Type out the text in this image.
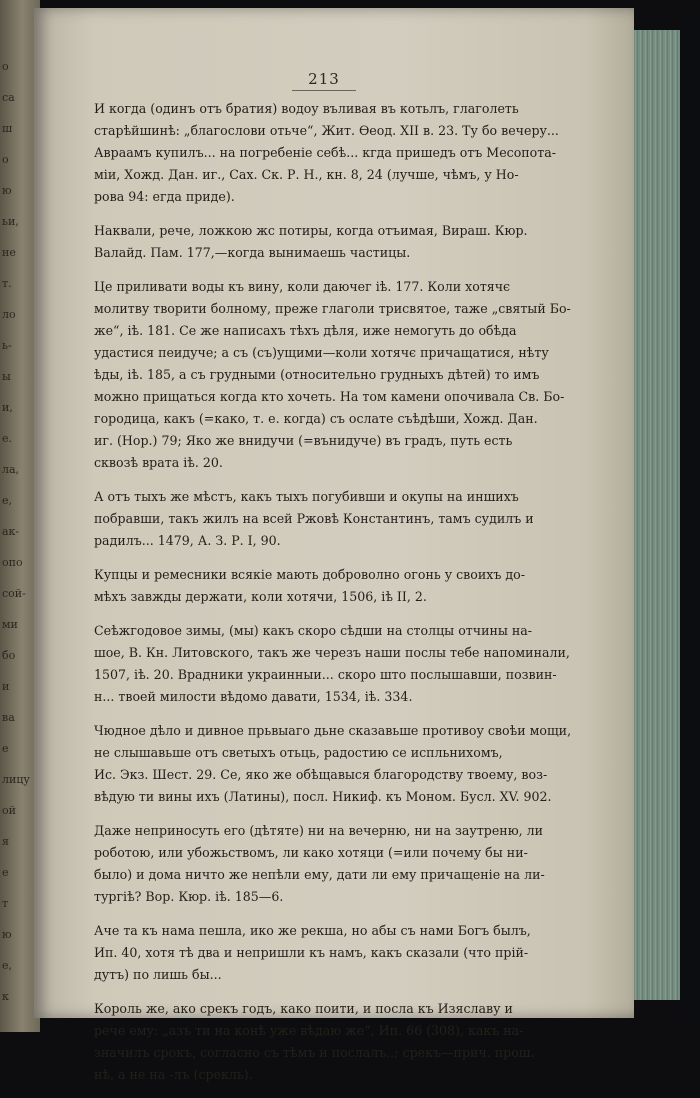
о
са
ш
о
ю
ьи,
не
т.
ло
ь-
ы
и,
е.
ла,
е,
ак-
опо
сой-
ми
бо
и
ва
е
лицу
ой
я
е
т
ю
е,
к
213
И когда (одинъ отъ братия) водоу въливая въ котьлъ, глаголеть
старѣйшинѣ: „благослови отьче“, Жит. Өеод. XII в. 23. Ту бо вечеру...
Авраамъ купилъ... на погребеніе себѣ... кгда пришедъ отъ Месопота-
міи, Хожд. Дан. иг., Сах. Ск. Р. Н., кн. 8, 24 (лучше, чѣмъ, у Но-
рова 94: егда приде).
Наквали, рече, ложкою жс потиры, когда отъимая, Вираш. Кюр.
Валайд. Пам. 177,—когда вынимаешь частицы.
Це приливати воды къ вину, коли даючег iѣ. 177. Коли хотячє
молитву творити болному, преже глаголи трисвятое, таже „святый Бо-
же“, iѣ. 181. Се же написахъ тѣхъ дѣля, иже немогуть до обѣда
удастися пеидуче; а съ (съ)ущими—коли хотячє причащатися, нѣту
ѣды, iѣ. 185, а съ грудными (относительно грудныхъ дѣтей) то имъ
можно прищаться когда кто хочеть. На том камени опочивала Св. Бо-
городица, какъ (=како, т. е. когда) съ ослате съѣдѣши, Хожд. Дан.
иг. (Нор.) 79; Яко же внидучи (=вънидуче) въ градъ, путь есть
сквозѣ врата iѣ. 20.
А отъ тыхъ же мѣстъ, какъ тыхъ погубивши и окупы на иншихъ
побравши, такъ жилъ на всей Ржовѣ Константинъ, тамъ судилъ и
радилъ... 1479, А. З. Р. I, 90.
Купцы и ремесники всякіе мають доброволно огонь у своихъ до-
мѣхъ завжды держати, коли хотячи, 1506, iѣ II, 2.
Сеѣжгодовое зимы, (мы) какъ скоро сѣдши на столцы отчины на-
шое, В. Кн. Литовского, такъ же черезъ наши послы тебе напоминали,
1507, iѣ. 20. Врадники украинныи... скоро што послышавши, позвин-
н... твоей милости вѣдомо давати, 1534, iѣ. 334.
Чюдное дѣло и дивное прьвыаго дьне сказавьше противоу своѣи мощи,
не слышавьше отъ светыхъ отьць, радостию се испльнихомъ,
Ис. Экз. Шест. 29. Се, яко же обѣщавыся благородству твоему, воз-
вѣдую ти вины ихъ (Латины), посл. Никиф. къ Моном. Бусл. XV. 902.
Даже неприносуть его (дѣтяте) ни на вечерню, ни на заутреню, ли
роботою, или убожьствомъ, ли како хотяци (=или почему бы ни-
было) и дома ничто же непѣли ему, дати ли ему причащеніе на ли-
тургіѣ? Вор. Кюр. iѣ. 185—6.
Аче та къ нама пешла, ико же рекша, но абы съ нами Богъ былъ,
Ип. 40, хотя тѣ два и непришли къ намъ, какъ сказали (что прій-
дутъ) по лишь бы...
Король же, ако срекъ годъ, како поити, и посла къ Изяславу и
рече ему: „азъ ти на конѣ уже вѣдаю же“, Ип. 66 (308), какъ на-
значилъ срокъ, согласно съ тѣмъ и послалъ..; срекъ—прич. прош.
нѣ, а не на -лъ (срекль).
